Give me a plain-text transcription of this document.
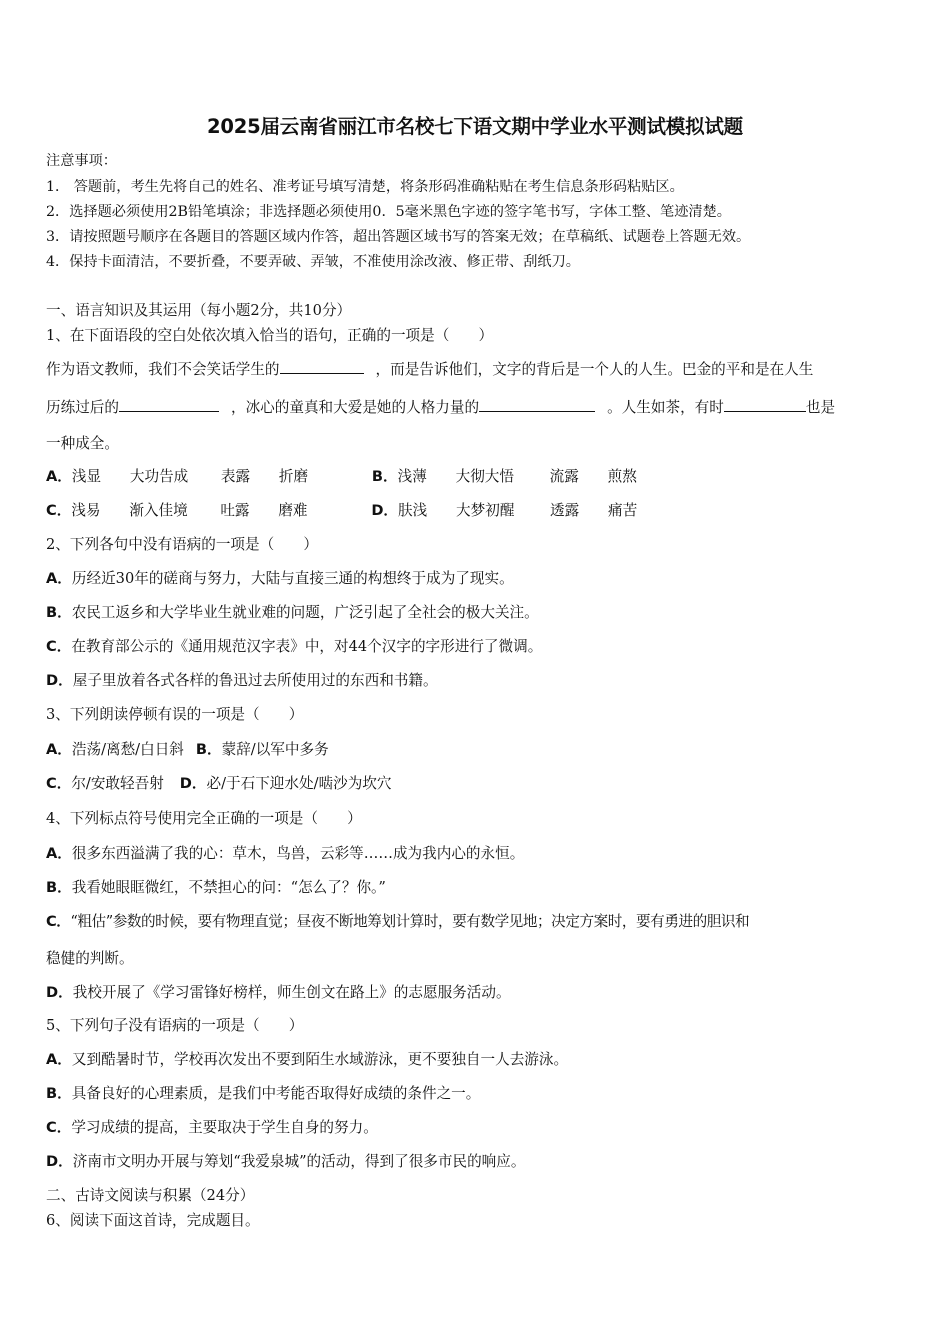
2025届云南省丽江市名校七下语文期中学业水平测试模拟试题
注意事项：
1． 答题前，考生先将自己的姓名、准考证号填写清楚，将条形码准确粘贴在考生信息条形码粘贴区。
2．选择题必须使用2B铅笔填涂；非选择题必须使用0．5毫米黑色字迹的签字笔书写，字体工整、笔迹清楚。
3．请按照题号顺序在各题目的答题区域内作答，超出答题区域书写的答案无效；在草稿纸、试题卷上答题无效。
4．保持卡面清洁，不要折叠，不要弄破、弄皱，不准使用涂改液、修正带、刮纸刀。
一、语言知识及其运用（每小题2分，共10分）
1、在下面语段的空白处依次填入恰当的语句，正确的一项是（　　）
作为语文教师，我们不会笑话学生的	，而是告诉他们，文字的背后是一个人的人生。巴金的平和是在人生
历练过后的	，冰心的童真和大爱是她的人格力量的	。人生如茶，有时	也是
一种成全。
A．浅显 大功告成 表露 折磨	B．浅薄 大彻大悟 流露 煎熬
C．浅易 渐入佳境 吐露 磨难	D．肤浅 大梦初醒 透露 痛苦
2、下列各句中没有语病的一项是（　　）
A．历经近30年的磋商与努力，大陆与直接三通的构想终于成为了现实。
B．农民工返乡和大学毕业生就业难的问题，广泛引起了全社会的极大关注。
C．在教育部公示的《通用规范汉字表》中，对44个汉字的字形进行了微调。
D．屋子里放着各式各样的鲁迅过去所使用过的东西和书籍。
3、下列朗读停顿有误的一项是（　　）
A．浩荡/离愁/白日斜 B．蒙辞/以军中多务
C．尔/安敢轻吾射 D．必/于石下迎水处/啮沙为坎穴
4、下列标点符号使用完全正确的一项是（　　）
A．很多东西溢满了我的心：草木，鸟兽，云彩等……成为我内心的永恒。
B．我看她眼眶微红，不禁担心的问：“怎么了？你。”
C．“粗估”参数的时候，要有物理直觉；昼夜不断地筹划计算时，要有数学见地；决定方案时，要有勇进的胆识和
稳健的判断。
D．我校开展了《学习雷锋好榜样，师生创文在路上》的志愿服务活动。
5、下列句子没有语病的一项是（　　）
A．又到酷暑时节，学校再次发出不要到陌生水域游泳，更不要独自一人去游泳。
B．具备良好的心理素质，是我们中考能否取得好成绩的条件之一。
C．学习成绩的提高，主要取决于学生自身的努力。
D．济南市文明办开展与筹划“我爱泉城”的活动，得到了很多市民的响应。
二、古诗文阅读与积累（24分）
6、阅读下面这首诗，完成题目。
